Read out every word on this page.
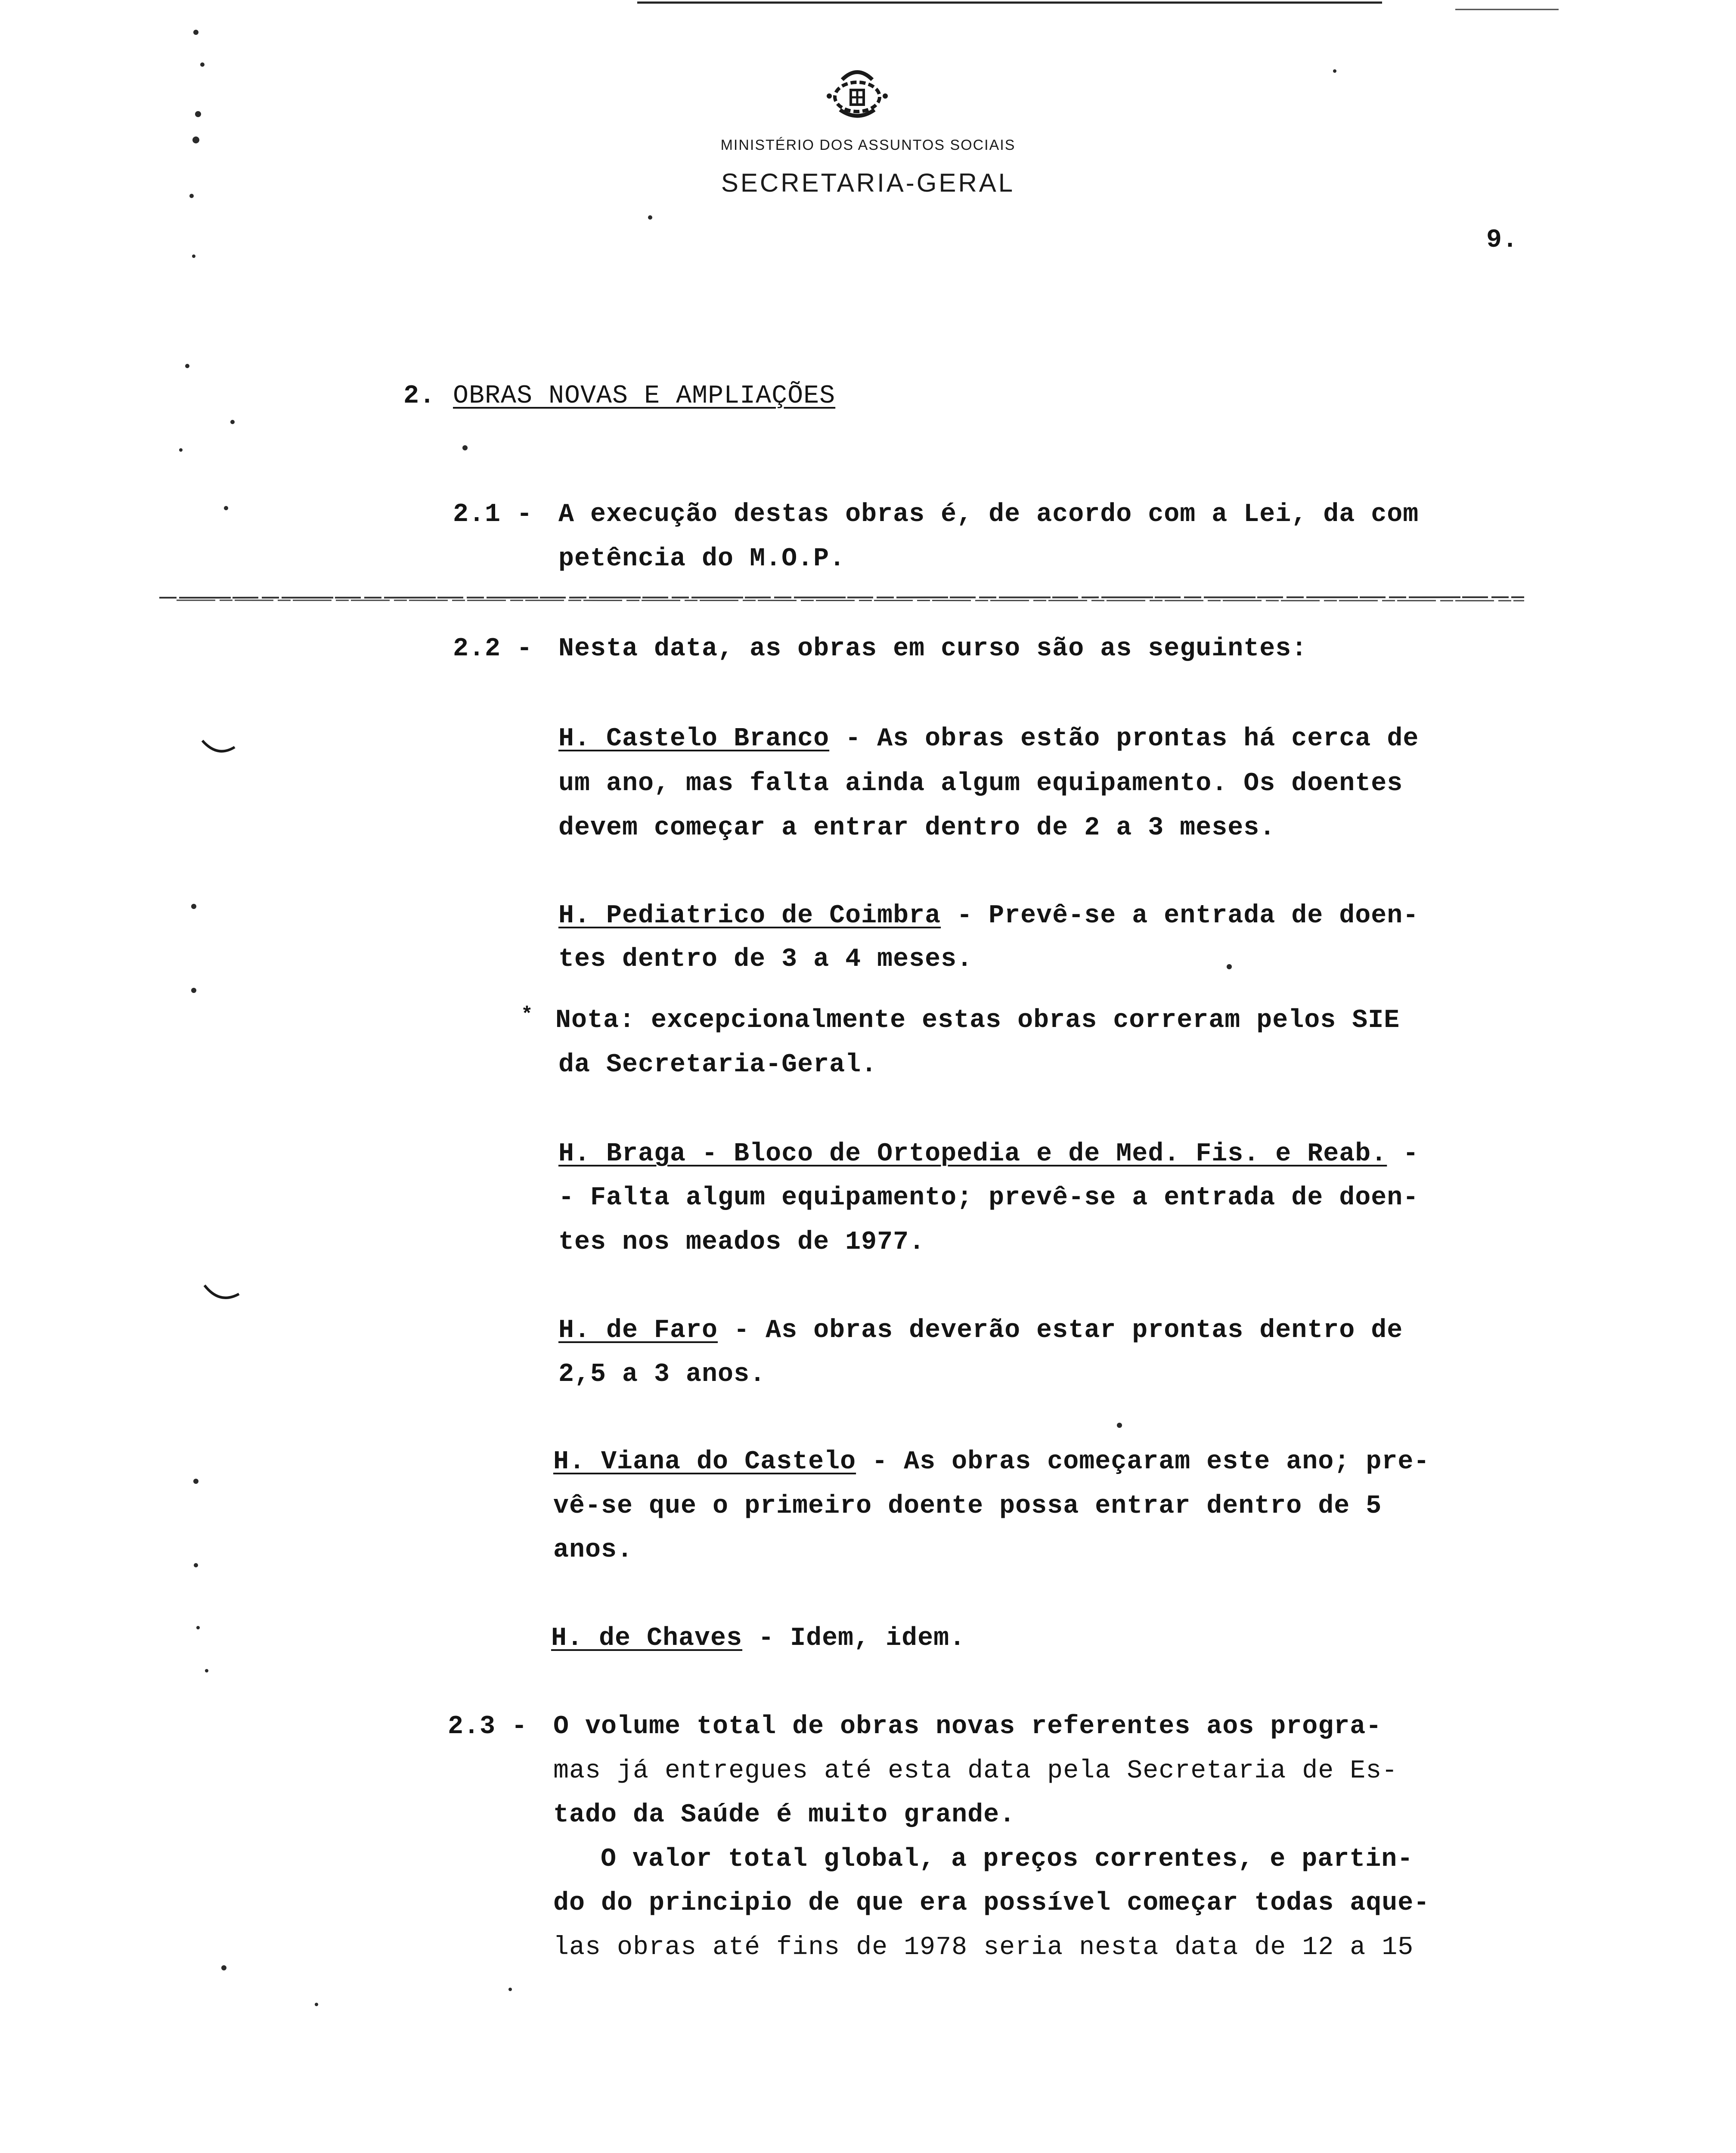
MINISTÉRIO DOS ASSUNTOS SOCIAIS
SECRETARIA-GERAL
9.
2. OBRAS NOVAS E AMPLIAÇÕES
2.1 - A execução destas obras é, de acordo com a Lei, da com
petência do M.O.P.
2.2 - Nesta data, as obras em curso são as seguintes:
H. Castelo Branco - As obras estão prontas há cerca de
um ano, mas falta ainda algum equipamento. Os doentes
devem começar a entrar dentro de 2 a 3 meses.
H. Pediatrico de Coimbra - Prevê-se a entrada de doen-
tes dentro de 3 a 4 meses.
* Nota: excepcionalmente estas obras correram pelos SIE
da Secretaria-Geral.
H. Braga - Bloco de Ortopedia e de Med. Fis. e Reab. -
- Falta algum equipamento; prevê-se a entrada de doen-
tes nos meados de 1977.
H. de Faro - As obras deverão estar prontas dentro de
2,5 a 3 anos.
H. Viana do Castelo - As obras começaram este ano; pre-
vê-se que o primeiro doente possa entrar dentro de 5
anos.
H. de Chaves - Idem, idem.
2.3 - O volume total de obras novas referentes aos progra-
mas já entregues até esta data pela Secretaria de Es-
tado da Saúde é muito grande.
O valor total global, a preços correntes, e partin-
do do principio de que era possível começar todas aque-
las obras até fins de 1978 seria nesta data de 12 a 15
